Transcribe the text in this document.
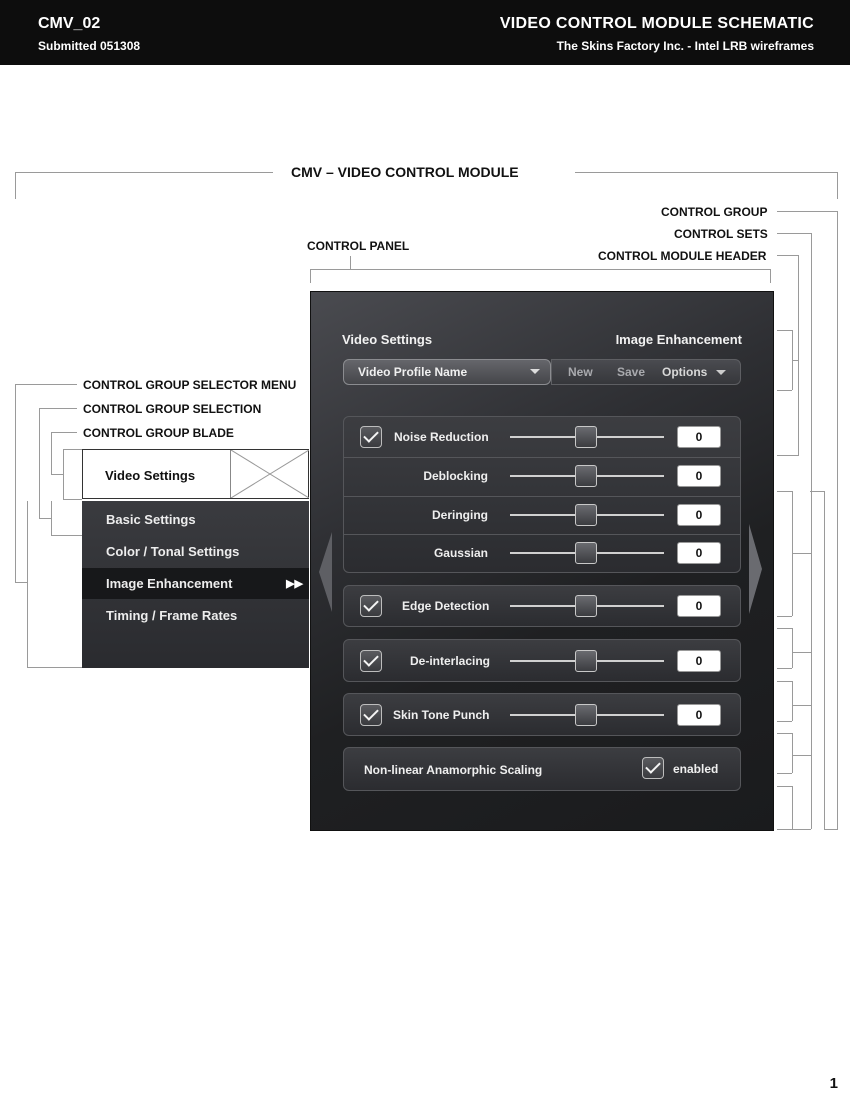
CMV_02
Submitted 051308
VIDEO CONTROL MODULE SCHEMATIC
The Skins Factory Inc. - Intel LRB wireframes
CMV – VIDEO CONTROL MODULE
CONTROL GROUP
CONTROL SETS
CONTROL MODULE HEADER
CONTROL PANEL
CONTROL GROUP SELECTOR MENU
CONTROL GROUP SELECTION
CONTROL GROUP BLADE
Video Settings
Basic Settings
Color / Tonal Settings
Image Enhancement	▶▶
Timing / Frame Rates
Video Settings	Image Enhancement
Video Profile Name	New Save Options
Noise Reduction	0
Deblocking	0
Deringing	0
Gaussian	0
Edge Detection	0
De-interlacing	0
Skin Tone Punch	0
Non-linear Anamorphic Scaling	enabled
1
